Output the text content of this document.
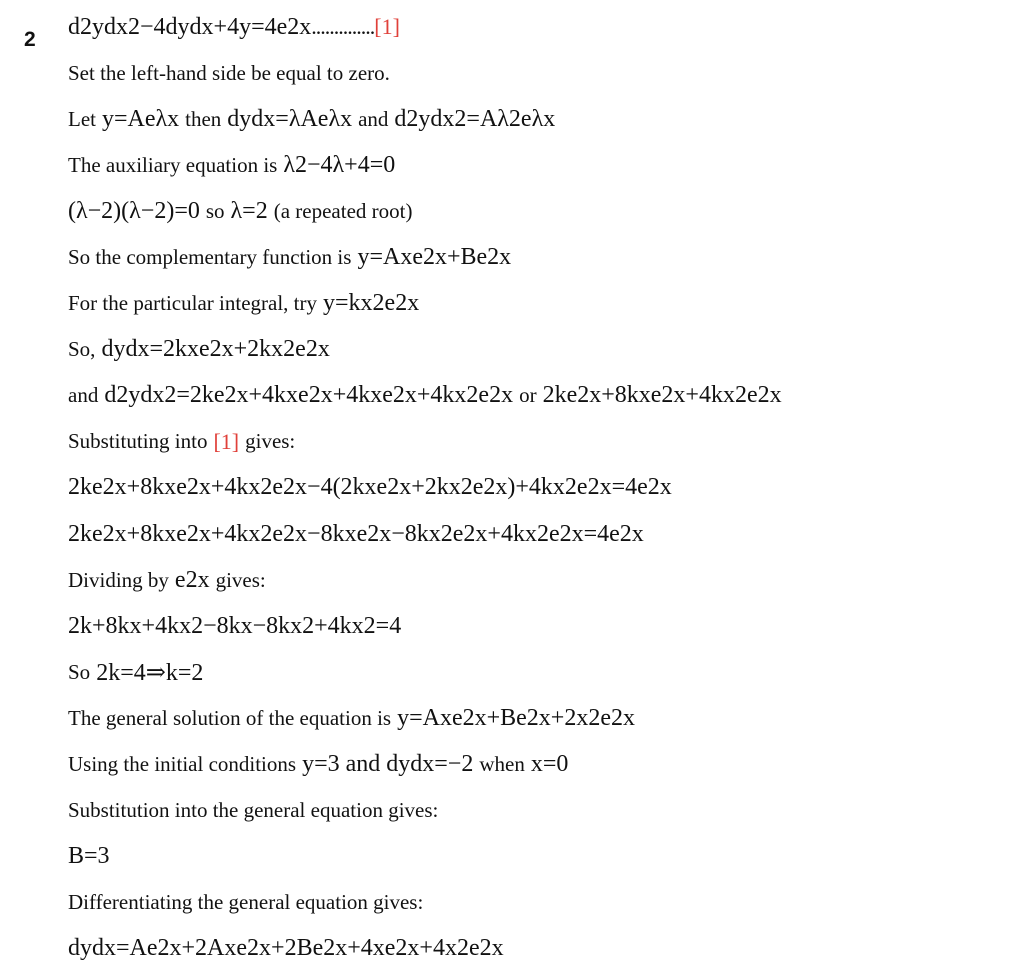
2 d2ydx2−4dydx+4y=4e2x .............. [1]
Set the left-hand side be equal to zero.
Let y=Aeλx then dydx=λAeλx and d2ydx2=Aλ2eλx
The auxiliary equation is λ2−4λ+4=0
(λ−2)(λ−2)=0 so λ=2 (a repeated root)
So the complementary function is y=Axe2x+Be2x
For the particular integral, try y=kx2e2x
So, dydx=2kxe2x+2kx2e2x
and d2ydx2=2ke2x+4kxe2x+4kxe2x+4kx2e2x or 2ke2x+8kxe2x+4kx2e2x
Substituting into [1] gives:
2ke2x+8kxe2x+4kx2e2x−4(2kxe2x+2kx2e2x)+4kx2e2x=4e2x
2ke2x+8kxe2x+4kx2e2x−8kxe2x−8kx2e2x+4kx2e2x=4e2x
Dividing by e2x gives:
2k+8kx+4kx2−8kx−8kx2+4kx2=4
So 2k=4⇒k=2
The general solution of the equation is y=Axe2x+Be2x+2x2e2x
Using the initial conditions y=3 and dydx=−2 when x=0
Substitution into the general equation gives:
B=3
Differentiating the general equation gives:
dydx=Ae2x+2Axe2x+2Be2x+4xe2x+4x2e2x
